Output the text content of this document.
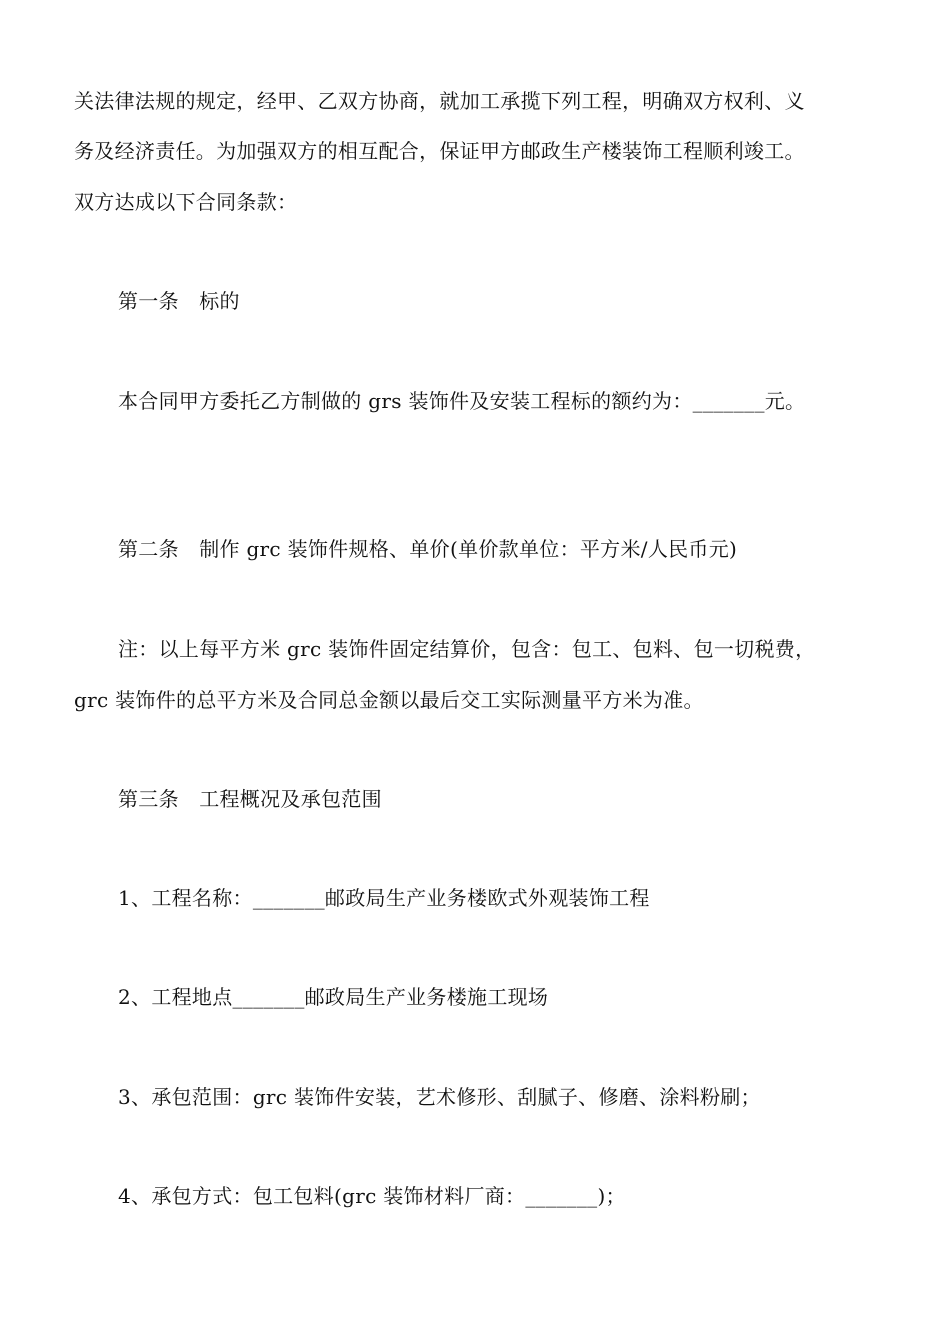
关法律法规的规定，经甲、乙双方协商，就加工承揽下列工程，明确双方权利、义
务及经济责任。为加强双方的相互配合，保证甲方邮政生产楼装饰工程顺利竣工。
双方达成以下合同条款：
第一条　标的
本合同甲方委托乙方制做的 grs 装饰件及安装工程标的额约为：_______元。
第二条　制作 grc 装饰件规格、单价(单价款单位：平方米/人民币元)
注：以上每平方米 grc 装饰件固定结算价，包含：包工、包料、包一切税费，
grc 装饰件的总平方米及合同总金额以最后交工实际测量平方米为准。
第三条　工程概况及承包范围
1、工程名称：_______邮政局生产业务楼欧式外观装饰工程
2、工程地点_______邮政局生产业务楼施工现场
3、承包范围：grc 装饰件安装，艺术修形、刮腻子、修磨、涂料粉刷；
4、承包方式：包工包料(grc 装饰材料厂商：_______)；
